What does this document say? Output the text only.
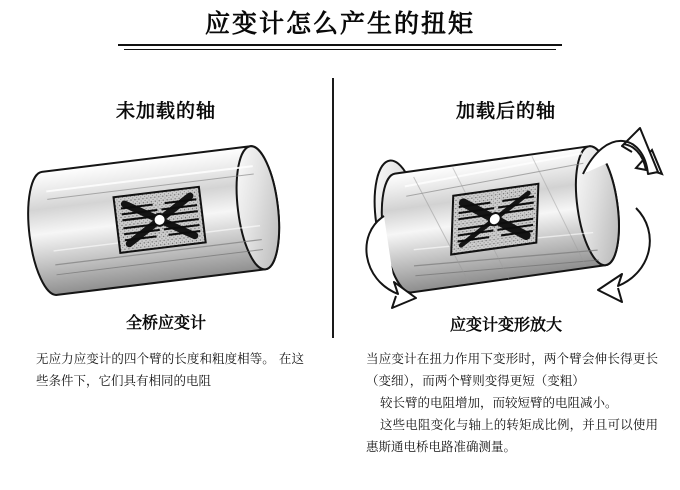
应变计怎么产生的扭矩
未加载的轴	加载后的轴
全桥应变计	应变计变形放大

无应力应变计的四个臂的长度和粗度相等。 在这些条件下，它们具有相同的电阻

当应变计在扭力作用下变形时，两个臂会伸长得更长（变细），而两个臂则变得更短（变粗）

较长臂的电阻增加，而较短臂的电阻减小。

这些电阻变化与轴上的转矩成比例，并且可以使用惠斯通电桥电路准确测量。
